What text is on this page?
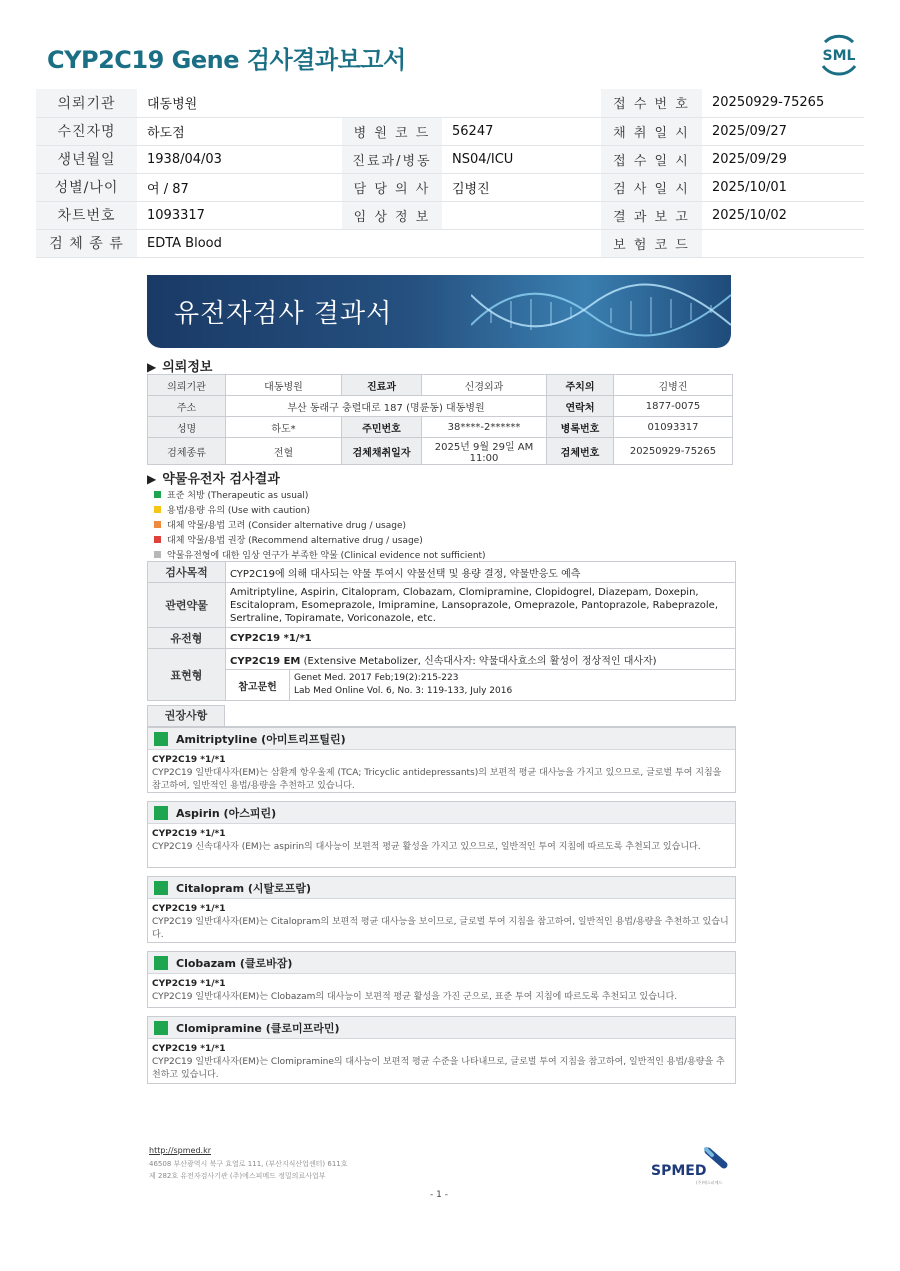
CYP2C19 Gene 검사결과보고서	SML
의뢰기관	대동병원			접 수 번 호	20250929-75265
수진자명	하도점	병 원 코 드	56247	채 취 일 시	2025/09/27
생년월일	1938/04/03	진료과/병동	NS04/ICU	접 수 일 시	2025/09/29
성별/나이	여 / 87	담 당 의 사	김병진	검 사 일 시	2025/10/01
차트번호	1093317	임 상 정 보		결 과 보 고	2025/10/02
검 체 종 류	EDTA Blood			보 험 코 드	
유전자검사 결과서
▶ 의뢰정보
의뢰기관	대동병원	진료과	신경외과	주치의	김병진
주소	부산 동래구 충렬대로 187 (명륜동) 대동병원			연락처	1877-0075
성명	하도*	주민번호	38****-2******	병록번호	01093317
검체종류	전혈	검체채취일자	2025년 9월 29일 AM 11:00	검체번호	20250929-75265
▶ 약물유전자 검사결과
표준 처방 (Therapeutic as usual)
용법/용량 유의 (Use with caution)
대체 약물/용법 고려 (Consider alternative drug / usage)
대체 약물/용법 권장 (Recommend alternative drug / usage)
약물유전형에 대한 임상 연구가 부족한 약물 (Clinical evidence not sufficient)
검사목적	CYP2C19에 의해 대사되는 약물 투여시 약물선택 및 용량 결정, 약물반응도 예측	
관련약물	Amitriptyline, Aspirin, Citalopram, Clobazam, Clomipramine, Clopidogrel, Diazepam, Doxepin, Escitalopram, Esomeprazole, Imipramine, Lansoprazole, Omeprazole, Pantoprazole, Rabeprazole, Sertraline, Topiramate, Voriconazole, etc.	
유전형	CYP2C19 *1/*1	
표현형	CYP2C19 EM (Extensive Metabolizer, 신속대사자: 약물대사효소의 활성이 정상적인 대사자)	
	참고문헌	Genet Med. 2017 Feb;19(2):215-223
Lab Med Online Vol. 6, No. 3: 119-133, July 2016
권장사항
Amitriptyline (아미트리프틸린)
CYP2C19 *1/*1
CYP2C19 일반대사자(EM)는 삼환계 항우울제 (TCA; Tricyclic antidepressants)의 보편적 평균 대사능을 가지고 있으므로, 글로벌 투여 지침을 참고하여, 일반적인 용법/용량을 추천하고 있습니다.
Aspirin (아스피린)
CYP2C19 *1/*1
CYP2C19 신속대사자 (EM)는 aspirin의 대사능이 보편적 평균 활성을 가지고 있으므로, 일반적인 투여 지침에 따르도록 추천되고 있습니다.
Citalopram (시탈로프람)
CYP2C19 *1/*1
CYP2C19 일반대사자(EM)는 Citalopram의 보편적 평균 대사능을 보이므로, 글로벌 투여 지침을 참고하여, 일반적인 용법/용량을 추천하고 있습니다.
Clobazam (클로바잠)
CYP2C19 *1/*1
CYP2C19 일반대사자(EM)는 Clobazam의 대사능이 보편적 평균 활성을 가진 군으로, 표준 투여 지침에 따르도록 추천되고 있습니다.
Clomipramine (클로미프라민)
CYP2C19 *1/*1
CYP2C19 일반대사자(EM)는 Clomipramine의 대사능이 보편적 평균 수준을 나타내므로, 글로벌 투여 지침을 참고하여, 일반적인 용법/용량을 추천하고 있습니다.
http://spmed.kr
46508 부산광역시 북구 효열로 111, (부산지식산업센터) 611호
제 282호 유전자검사기관 (주)에스피메드 정밀의료사업부	SPMED
(주)에스피메드
- 1 -
